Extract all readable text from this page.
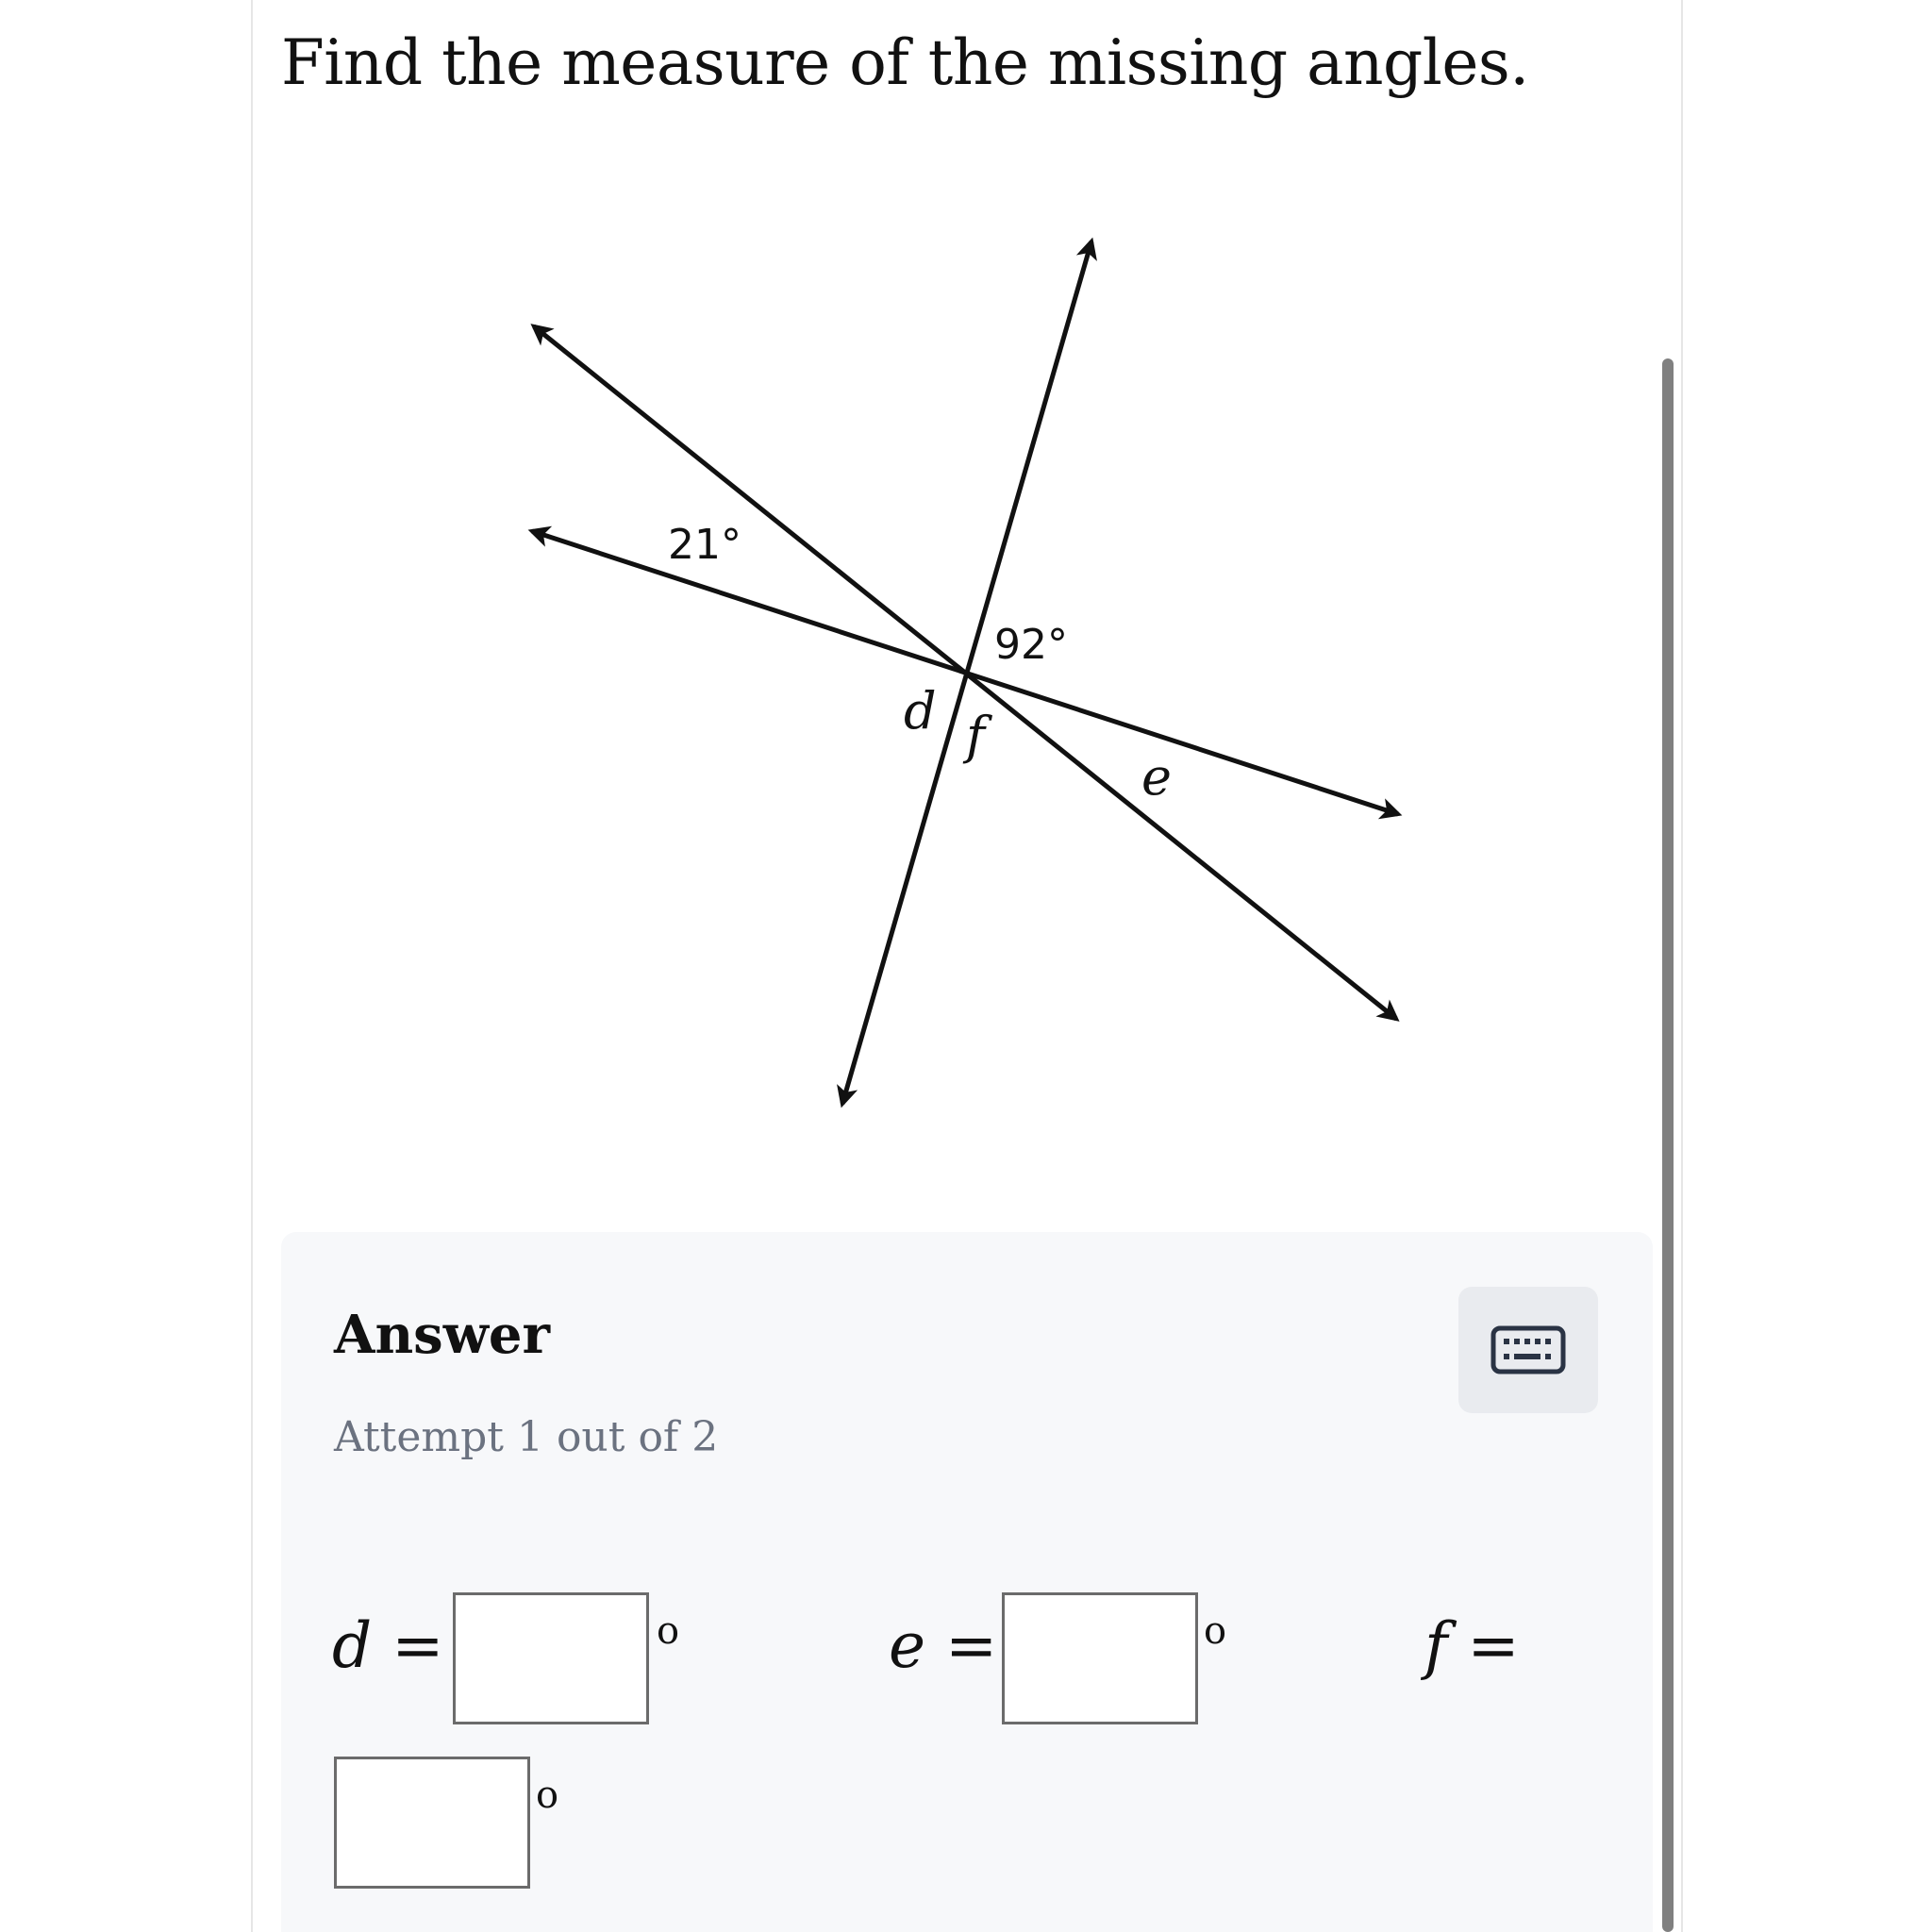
Find the measure of the missing angles.
21°
92°
d f
e
Answer
Attempt 1 out of 2
d =	o	e =	o	f =
o
